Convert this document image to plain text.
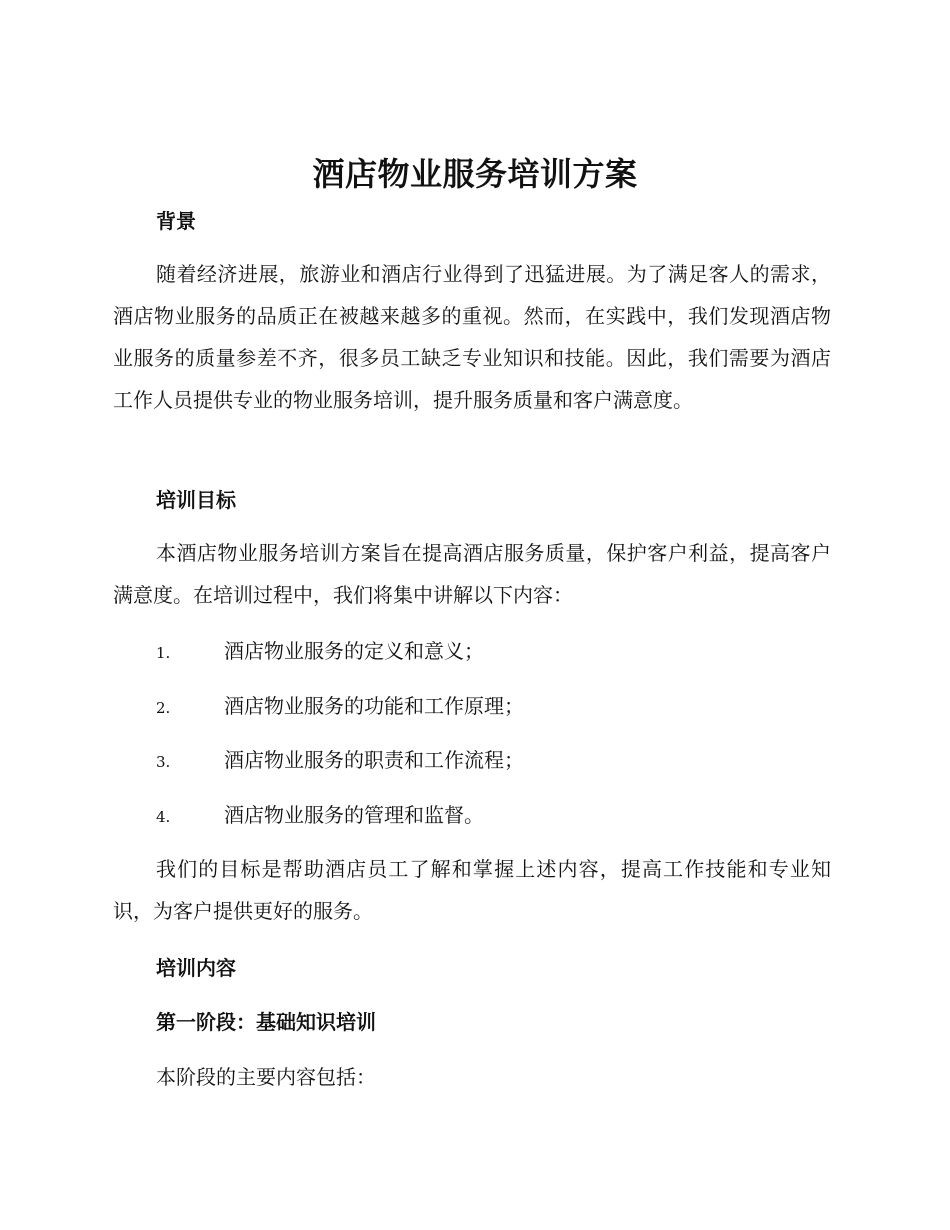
酒店物业服务培训方案
背景
随着经济进展，旅游业和酒店行业得到了迅猛进展。为了满足客人的需求，酒店物业服务的品质正在被越来越多的重视。然而，在实践中，我们发现酒店物业服务的质量参差不齐，很多员工缺乏专业知识和技能。因此，我们需要为酒店工作人员提供专业的物业服务培训，提升服务质量和客户满意度。
培训目标
本酒店物业服务培训方案旨在提高酒店服务质量，保护客户利益，提高客户满意度。在培训过程中，我们将集中讲解以下内容：
1.	酒店物业服务的定义和意义；
2.	酒店物业服务的功能和工作原理；
3.	酒店物业服务的职责和工作流程；
4.	酒店物业服务的管理和监督。
我们的目标是帮助酒店员工了解和掌握上述内容，提高工作技能和专业知识，为客户提供更好的服务。
培训内容
第一阶段：基础知识培训
本阶段的主要内容包括：
